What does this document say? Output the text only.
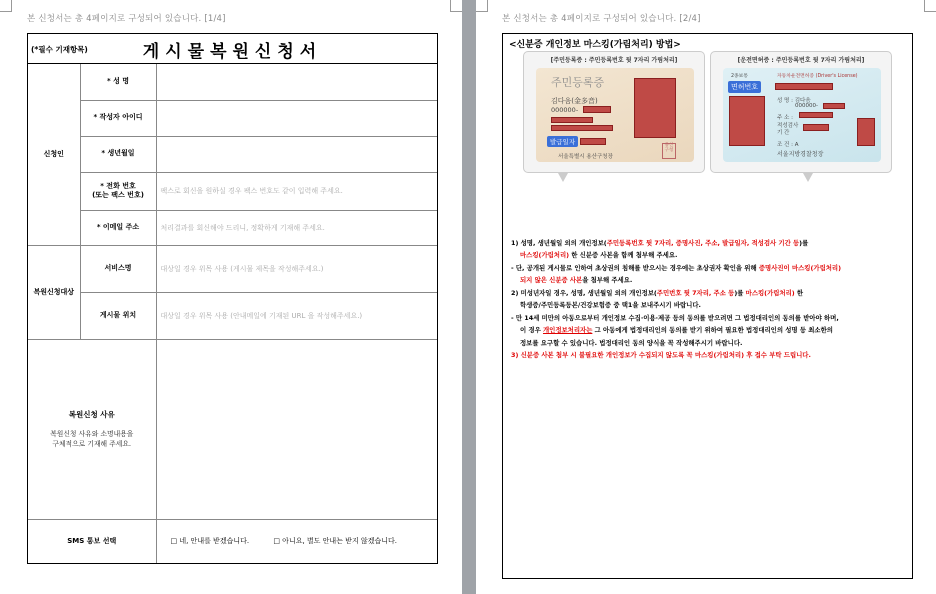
본 신청서는 총 4페이지로 구성되어 있습니다. [1/4]
(*필수 기재항목)	게시물복원신청서
신청인	* 성 명	
	* 작성자 아이디	
	* 생년월일	
	* 전화 번호
(또는 팩스 번호)	팩스로 회신을 원하실 경우 팩스 번호도 같이 입력해 주세요.
	* 이메일 주소	처리결과를 회신해야 드리니, 정확하게 기재해 주세요.
복원신청대상	서비스명	대상일 경우 위목 사용 (게시물 제목을 작성해주세요.)
	게시물 위치	대상일 경우 위목 사용 (안내메일에 기재된 URL 을 작성해주세요.)

복원신청 사유
복원신청 사유와 소명내용을
구체적으로 기재해 주세요.		

SMS 통보 선택		□ 네, 안내를 받겠습니다. □ 아니요, 별도 안내는 받지 않겠습니다.
본 신청서는 총 4페이지로 구성되어 있습니다. [2/4]
<신분증 개인정보 마스킹(가림처리) 방법>
[주민등록증 : 주민등록번호 뒷 7자리 가림처리]
주민등록증
김다음(金多音)
000000-
발급일자
서울특별시 용산구청장
용산
구청
[운전면허증 : 주민등록번호 뒷 7자리 가림처리]
2종보통	자동차운전면허증 (Driver's License)
면허번호
성 명 : 김다음
000000-
주 소 :
적성검사
기 간
조 건 : A
서울지방경찰청장
1) 성명, 생년월일 외의 개인정보(주민등록번호 뒷 7자리, 증명사진, 주소, 발급일자, 적성검사 기간 등)를
마스킹(가림처리) 한 신분증 사본을 함께 첨부해 주세요.
- 단, 공개된 게시물로 인하여 초상권의 침해를 받으시는 경우에는 초상권자 확인을 위해 증명사진이 마스킹(가림처리)
되지 않은 신분증 사본을 첨부해 주세요.
2) 미성년자일 경우, 성명, 생년월일 외의 개인정보(주민번호 뒷 7자리, 주소 등)를 마스킹(가림처리) 한
학생증/주민등록등본/건강보험증 중 택1을 보내주시기 바랍니다.
- 만 14세 미만의 아동으로부터 개인정보 수집·이용·제공 등의 동의를 받으려면 그 법정대리인의 동의를 받아야 하며,
이 경우 개인정보처리자는 그 아동에게 법정대리인의 동의를 받기 위하여 필요한 법정대리인의 성명 등 최소한의
정보를 요구할 수 있습니다. 법정대리인 동의 양식을 꼭 작성해주시기 바랍니다.
3) 신분증 사본 첨부 시 불필요한 개인정보가 수집되지 않도록 꼭 마스킹(가림처리) 후 접수 부탁 드립니다.
